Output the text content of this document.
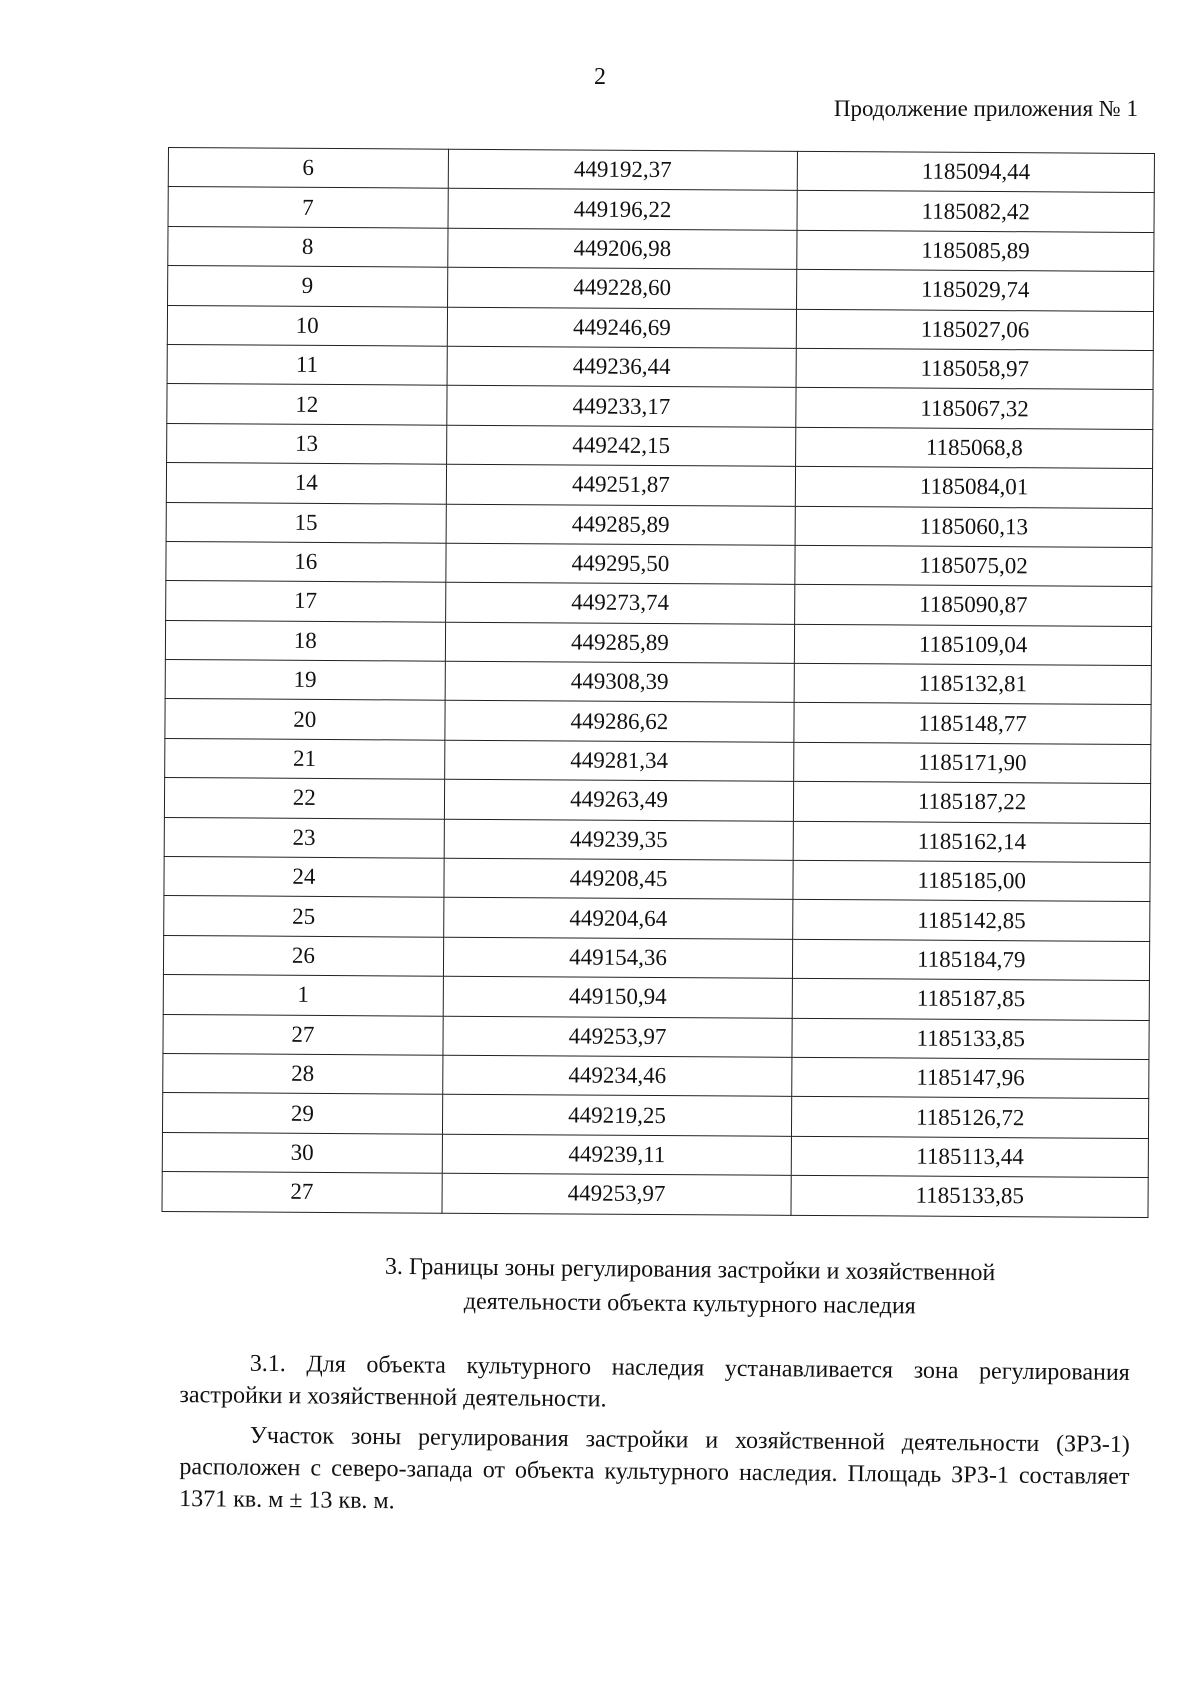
2
Продолжение приложения № 1
6	449192,37	1185094,44
7	449196,22	1185082,42
8	449206,98	1185085,89
9	449228,60	1185029,74
10	449246,69	1185027,06
11	449236,44	1185058,97
12	449233,17	1185067,32
13	449242,15	1185068,8
14	449251,87	1185084,01
15	449285,89	1185060,13
16	449295,50	1185075,02
17	449273,74	1185090,87
18	449285,89	1185109,04
19	449308,39	1185132,81
20	449286,62	1185148,77
21	449281,34	1185171,90
22	449263,49	1185187,22
23	449239,35	1185162,14
24	449208,45	1185185,00
25	449204,64	1185142,85
26	449154,36	1185184,79
1	449150,94	1185187,85
27	449253,97	1185133,85
28	449234,46	1185147,96
29	449219,25	1185126,72
30	449239,11	1185113,44
27	449253,97	1185133,85
3. Границы зоны регулирования застройки и хозяйственной
деятельности объекта культурного наследия
3.1. Для объекта культурного наследия устанавливается зона регулирования застройки и хозяйственной деятельности.
Участок зоны регулирования застройки и хозяйственной деятельности (ЗРЗ-1) расположен с северо-запада от объекта культурного наследия. Площадь ЗРЗ-1 составляет 1371 кв. м ± 13 кв. м.
